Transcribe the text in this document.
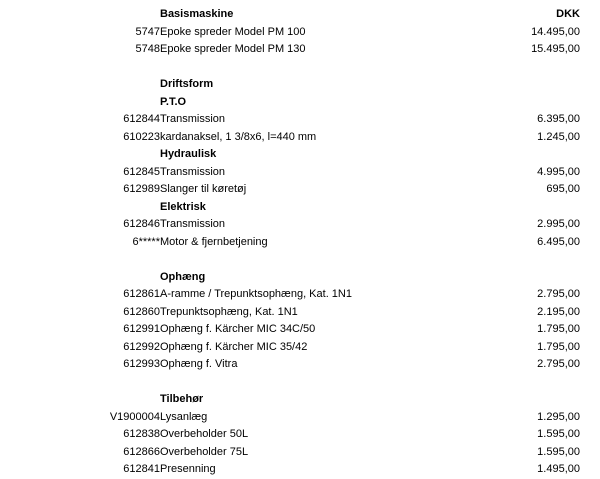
	Basismaskine	DKK	
5747	Epoke spreder Model PM 100	14.495,00	
5748	Epoke spreder Model PM 130	15.495,00	

	Driftsform		
	P.T.O		
612844	Transmission	6.395,00	
610223	kardanaksel, 1 3/8x6, l=440 mm	1.245,00	
	Hydraulisk		
612845	Transmission	4.995,00	
612989	Slanger til køretøj	695,00	
	Elektrisk		
612846	Transmission	2.995,00	
6*****	Motor & fjernbetjening	6.495,00	

	Ophæng		
612861	A-ramme / Trepunktsophæng, Kat. 1N1	2.795,00	
612860	Trepunktsophæng, Kat. 1N1	2.195,00	
612991	Ophæng f. Kärcher MIC 34C/50	1.795,00	
612992	Ophæng f. Kärcher MIC 35/42	1.795,00	
612993	Ophæng f. Vitra	2.795,00	

	Tilbehør		
V1900004	Lysanlæg	1.295,00	
612838	Overbeholder 50L	1.595,00	
612866	Overbeholder 75L	1.595,00	
612841	Presenning	1.495,00	
